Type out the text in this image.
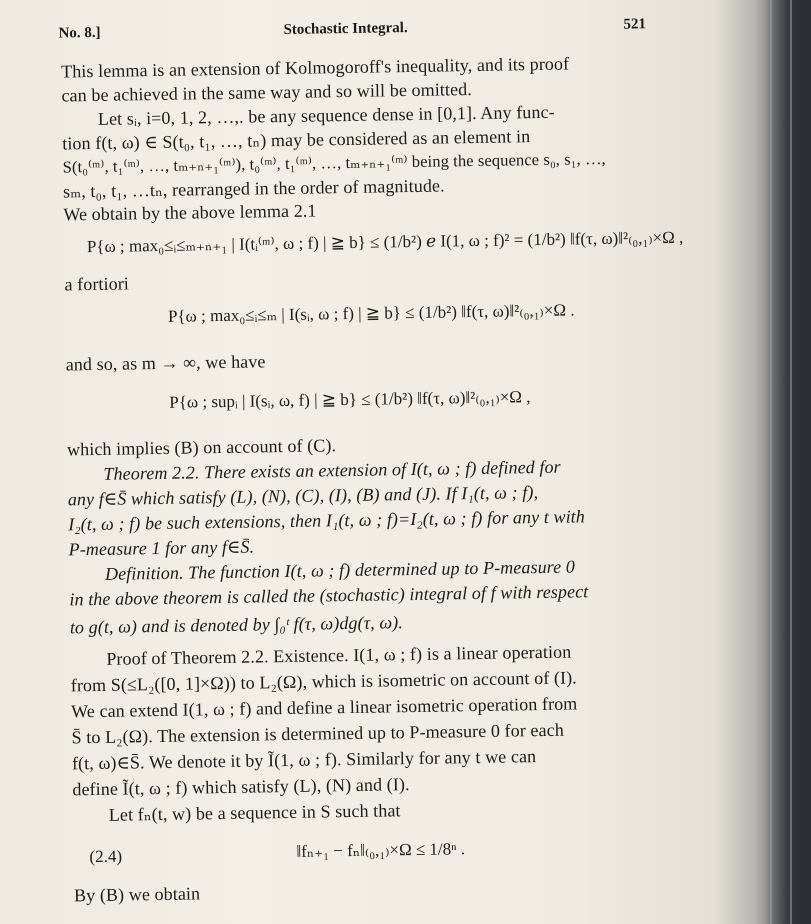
No. 8.]	Stochastic Integral.	521
This lemma is an extension of Kolmogoroff's inequality, and its proof
can be achieved in the same way and so will be omitted.
Let sᵢ, i=0, 1, 2, …,. be any sequence dense in [0,1]. Any func-
tion f(t, ω) ∈ S(t₀, t₁, …, tₙ) may be considered as an element in
S(t₀⁽ᵐ⁾, t₁⁽ᵐ⁾, …, tₘ₊ₙ₊₁⁽ᵐ⁾), t₀⁽ᵐ⁾, t₁⁽ᵐ⁾, …, tₘ₊ₙ₊₁⁽ᵐ⁾ being the sequence s₀, s₁, …,
sₘ, t₀, t₁, …tₙ, rearranged in the order of magnitude.
We obtain by the above lemma 2.1
P{ω ; max₀≤ᵢ≤ₘ₊ₙ₊₁ | I(tᵢ⁽ᵐ⁾, ω ; f) | ≧ b} ≤ (1/b²) ℯ I(1, ω ; f)² = (1/b²) ‖f(τ, ω)‖²₍₀,₁₎×Ω ,
a fortiori
P{ω ; max₀≤ᵢ≤ₘ | I(sᵢ, ω ; f) | ≧ b} ≤ (1/b²) ‖f(τ, ω)‖²₍₀,₁₎×Ω .
and so, as m → ∞, we have
P{ω ; supᵢ | I(sᵢ, ω, f) | ≧ b} ≤ (1/b²) ‖f(τ, ω)‖²₍₀,₁₎×Ω ,
which implies (B) on account of (C).
Theorem 2.2. There exists an extension of I(t, ω ; f) defined for
any f∈S̄ which satisfy (L), (N), (C), (I), (B) and (J). If I₁(t, ω ; f),
I₂(t, ω ; f) be such extensions, then I₁(t, ω ; f)=I₂(t, ω ; f) for any t with
P-measure 1 for any f∈S̄.
Definition. The function I(t, ω ; f) determined up to P-measure 0
in the above theorem is called the (stochastic) integral of f with respect
to g(t, ω) and is denoted by ∫₀ᵗ f(τ, ω)dg(τ, ω).
Proof of Theorem 2.2. Existence. I(1, ω ; f) is a linear operation
from S(≤L₂([0, 1]×Ω)) to L₂(Ω), which is isometric on account of (I).
We can extend I(1, ω ; f) and define a linear isometric operation from
S̄ to L₂(Ω). The extension is determined up to P-measure 0 for each
f(t, ω)∈S̄. We denote it by Ĩ(1, ω ; f). Similarly for any t we can
define Ĩ(t, ω ; f) which satisfy (L), (N) and (I).
Let fₙ(t, w) be a sequence in S such that
(2.4)	‖fₙ₊₁ − fₙ‖₍₀,₁₎×Ω ≤ 1/8ⁿ .
By (B) we obtain
